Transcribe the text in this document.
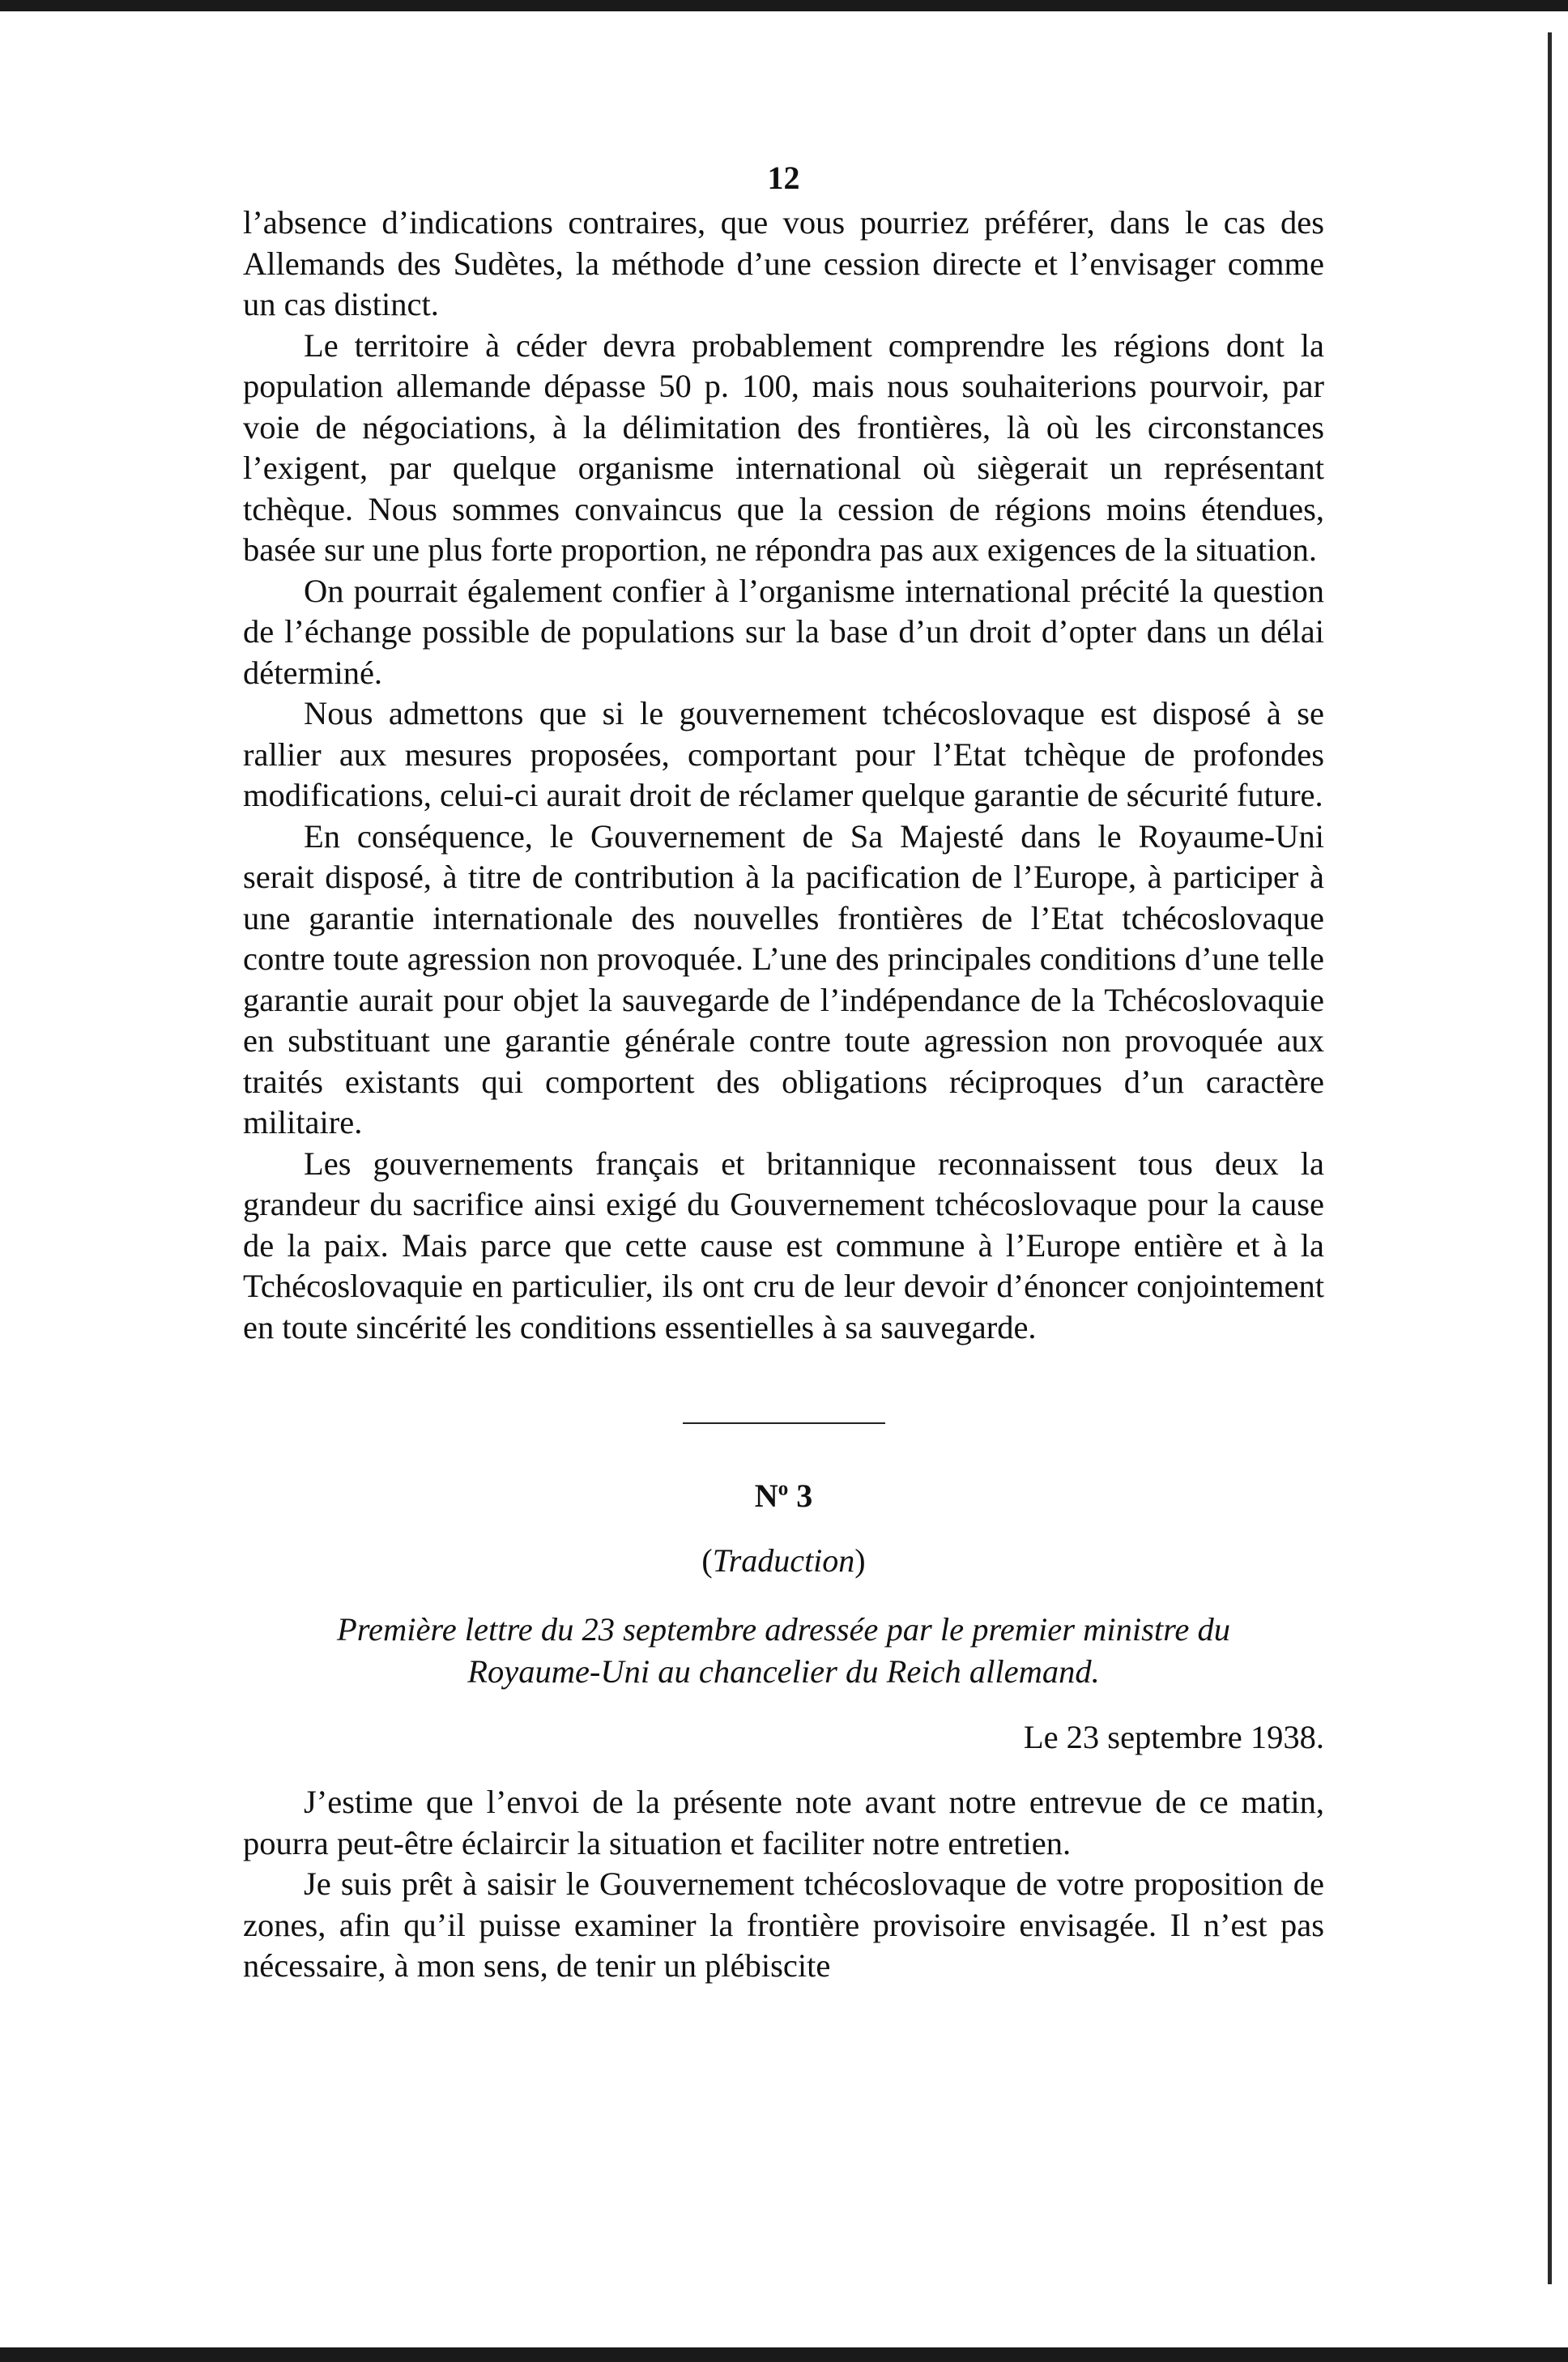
12

l’absence d’indications contraires, que vous pourriez préférer, dans le cas des Allemands des Sudètes, la méthode d’une cession directe et l’envisager comme un cas distinct.

Le territoire à céder devra probablement comprendre les régions dont la population allemande dépasse 50 p. 100, mais nous souhaiterions pourvoir, par voie de négociations, à la délimitation des frontières, là où les circonstances l’exigent, par quelque organisme international où siègerait un représentant tchèque. Nous sommes convaincus que la cession de régions moins étendues, basée sur une plus forte proportion, ne répondra pas aux exigences de la situation.

On pourrait également confier à l’organisme international précité la question de l’échange possible de populations sur la base d’un droit d’opter dans un délai déterminé.

Nous admettons que si le gouvernement tchécoslovaque est disposé à se rallier aux mesures proposées, comportant pour l’Etat tchèque de profondes modifications, celui-ci aurait droit de réclamer quelque garantie de sécurité future.

En conséquence, le Gouvernement de Sa Majesté dans le Royaume-Uni serait disposé, à titre de contribution à la pacification de l’Europe, à participer à une garantie internationale des nouvelles frontières de l’Etat tchécoslovaque contre toute agression non provoquée. L’une des principales conditions d’une telle garantie aurait pour objet la sauvegarde de l’indépendance de la Tchécoslovaquie en substituant une garantie générale contre toute agression non provoquée aux traités existants qui comportent des obligations réciproques d’un caractère militaire.

Les gouvernements français et britannique reconnaissent tous deux la grandeur du sacrifice ainsi exigé du Gouvernement tchécoslovaque pour la cause de la paix. Mais parce que cette cause est commune à l’Europe entière et à la Tchécoslovaquie en particulier, ils ont cru de leur devoir d’énoncer conjointement en toute sincérité les conditions essentielles à sa sauvegarde.

$N^o$ 3
(Traduction)
Première lettre du 23 septembre adressée par le premier ministre du
Royaume-Uni au chancelier du Reich allemand.
Le 23 septembre 1938.

J’estime que l’envoi de la présente note avant notre entrevue de ce matin, pourra peut-être éclaircir la situation et faciliter notre entretien.

Je suis prêt à saisir le Gouvernement tchécoslovaque de votre proposition de zones, afin qu’il puisse examiner la frontière provisoire envisagée. Il n’est pas nécessaire, à mon sens, de tenir un plébiscite
